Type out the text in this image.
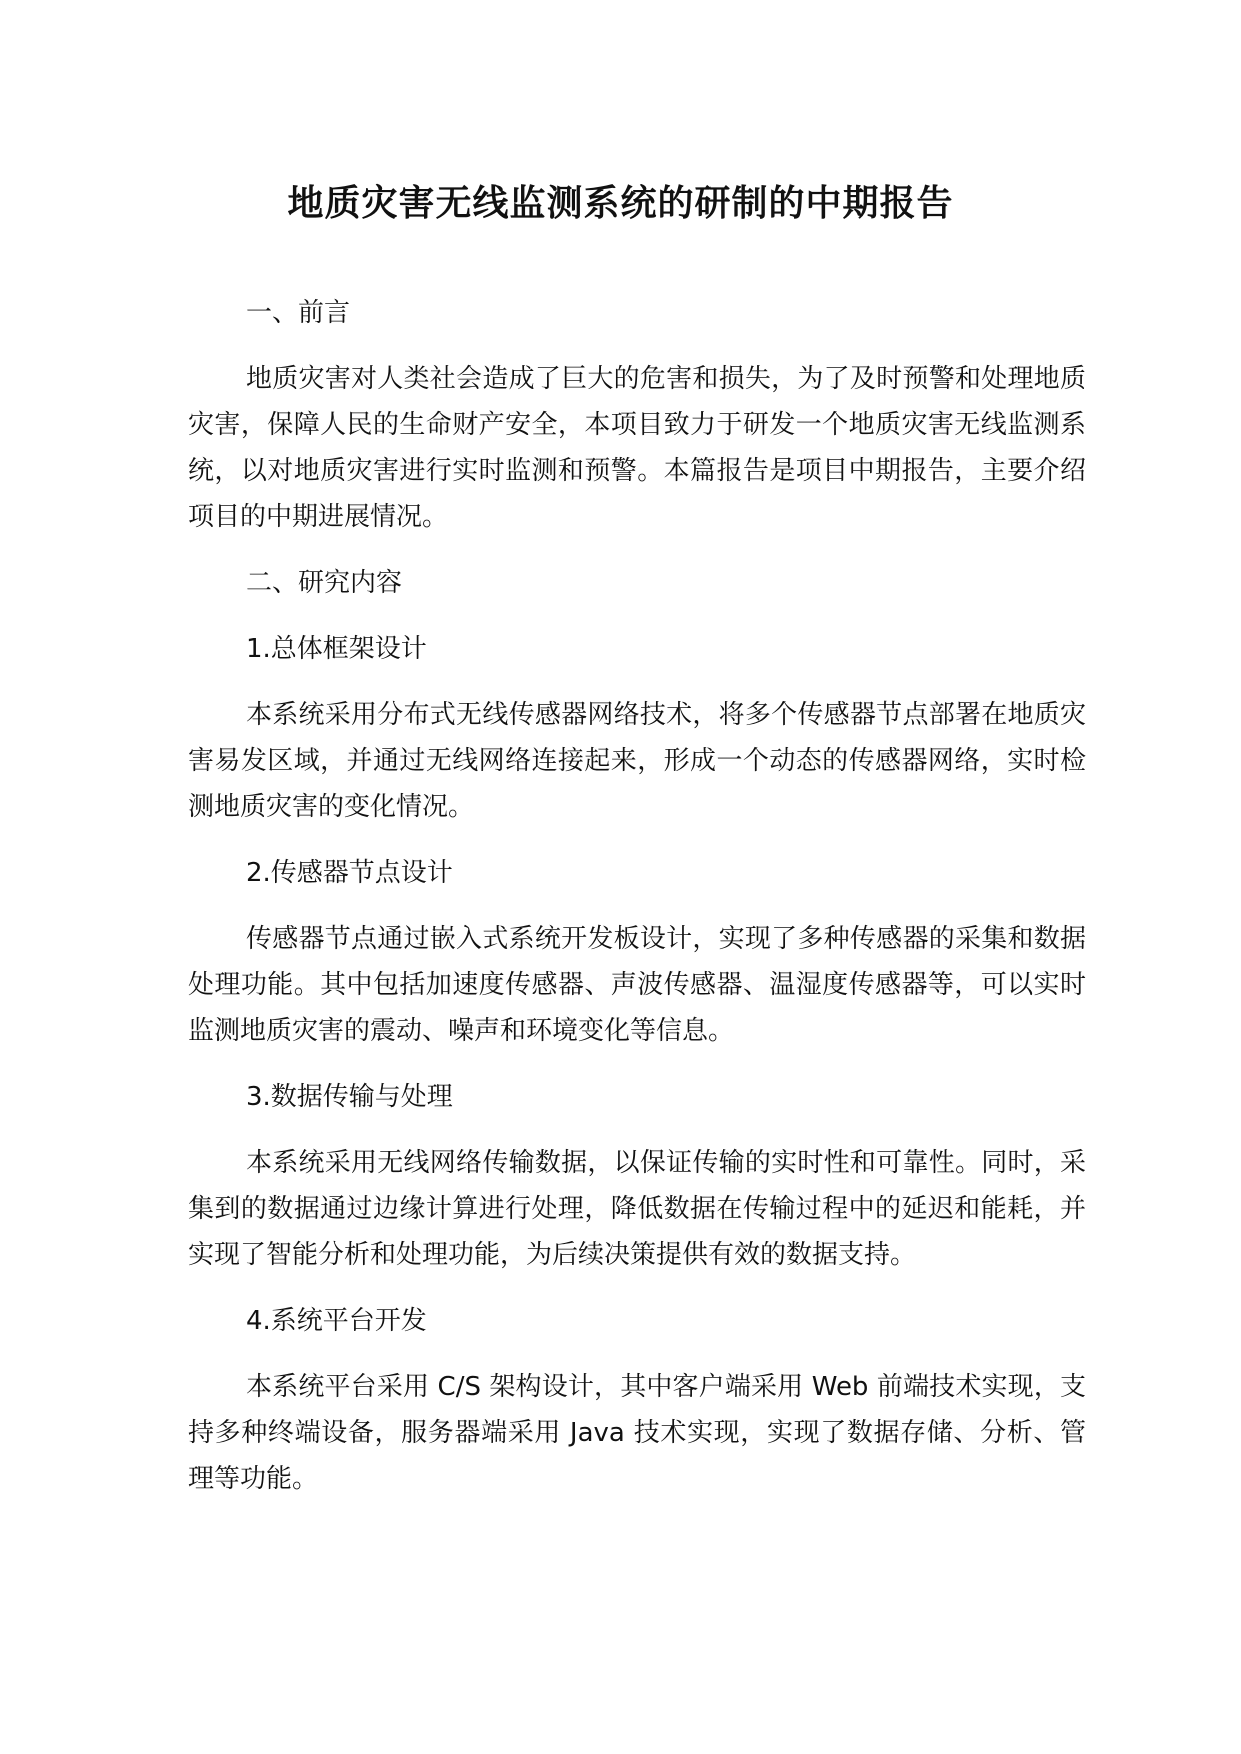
地质灾害无线监测系统的研制的中期报告

一、前言

地质灾害对人类社会造成了巨大的危害和损失，为了及时预警和处理地质灾害，保障人民的生命财产安全，本项目致力于研发一个地质灾害无线监测系统，以对地质灾害进行实时监测和预警。本篇报告是项目中期报告，主要介绍项目的中期进展情况。

二、研究内容

1.总体框架设计

本系统采用分布式无线传感器网络技术，将多个传感器节点部署在地质灾害易发区域，并通过无线网络连接起来，形成一个动态的传感器网络，实时检测地质灾害的变化情况。

2.传感器节点设计

传感器节点通过嵌入式系统开发板设计，实现了多种传感器的采集和数据处理功能。其中包括加速度传感器、声波传感器、温湿度传感器等，可以实时监测地质灾害的震动、噪声和环境变化等信息。

3.数据传输与处理

本系统采用无线网络传输数据，以保证传输的实时性和可靠性。同时，采集到的数据通过边缘计算进行处理，降低数据在传输过程中的延迟和能耗，并实现了智能分析和处理功能，为后续决策提供有效的数据支持。

4.系统平台开发

本系统平台采用 C/S 架构设计，其中客户端采用 Web 前端技术实现，支持多种终端设备，服务器端采用 Java 技术实现，实现了数据存储、分析、管理等功能。
